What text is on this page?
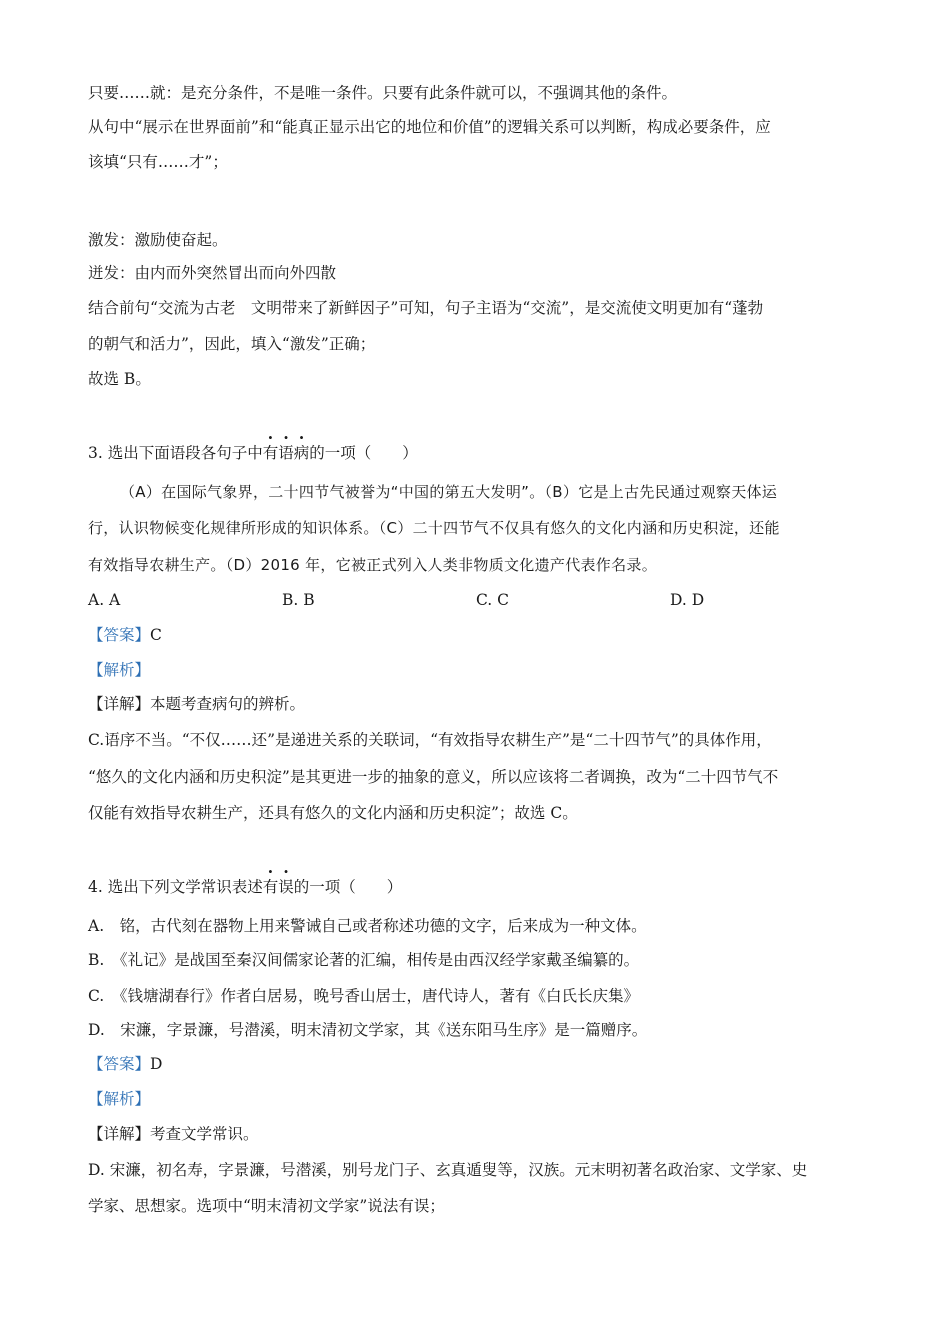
只要……就：是充分条件，不是唯一条件。只要有此条件就可以，不强调其他的条件。
从句中“展示在世界面前”和“能真正显示出它的地位和价值”的逻辑关系可以判断，构成必要条件，应
该填“只有……才”；
激发：激励使奋起。
迸发：由内而外突然冒出而向外四散
结合前句“交流为古老　文明带来了新鲜因子”可知，句子主语为“交流”，是交流使文明更加有“蓬勃
的朝气和活力”，因此，填入“激发”正确；
故选 B。
3. 选出下面语段各句子中有语病的一项（　　）
（A）在国际气象界，二十四节气被誉为“中国的第五大发明”。（B）它是上古先民通过观察天体运
行，认识物候变化规律所形成的知识体系。（C）二十四节气不仅具有悠久的文化内涵和历史积淀，还能
有效指导农耕生产。（D）2016 年，它被正式列入人类非物质文化遗产代表作名录。
A. A	B. B	C. C	D. D
【答案】C
【解析】
【详解】本题考查病句的辨析。
C.语序不当。“不仅……还”是递进关系的关联词，“有效指导农耕生产”是“二十四节气”的具体作用，
“悠久的文化内涵和历史积淀”是其更进一步的抽象的意义，所以应该将二者调换，改为“二十四节气不
仅能有效指导农耕生产，还具有悠久的文化内涵和历史积淀”；故选 C。
4. 选出下列文学常识表述有误的一项（　　）
A.　铭，古代刻在器物上用来警诫自己或者称述功德的文字，后来成为一种文体。
B.　《礼记》是战国至秦汉间儒家论著的汇编，相传是由西汉经学家戴圣编纂的。
C.　《钱塘湖春行》作者白居易，晚号香山居士，唐代诗人，著有《白氏长庆集》
D.　宋濂，字景濂，号潜溪，明末清初文学家，其《送东阳马生序》是一篇赠序。
【答案】D
【解析】
【详解】考查文学常识。
D. 宋濂，初名寿，字景濂，号潜溪，别号龙门子、玄真遁叟等，汉族。元末明初著名政治家、文学家、史
学家、思想家。选项中“明末清初文学家”说法有误；
